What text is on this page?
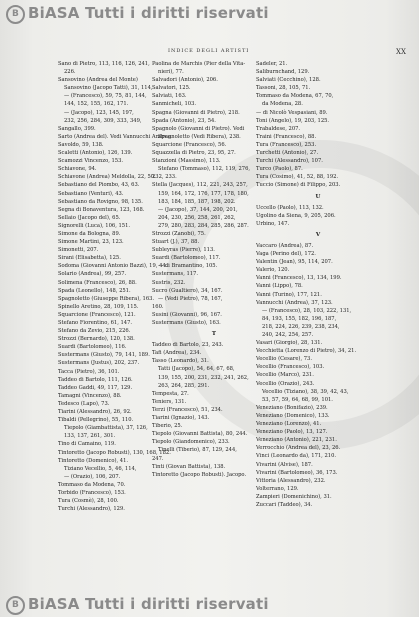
B BiASA Tutti i diritti riservati
INDICE DEGLI ARTISTI	XX
Sano di Pietro, 113, 116, 126, 241,
226.
Sansovino (Andrea del Monte)
Sansovino (Jacopo Tatti), 31, 114,
— (Francesco), 59, 75, 81, 144,
144, 152, 155, 162, 171.
— (Jacopo), 123, 145, 197,
232, 256, 284, 309, 333, 349,
Sangallo, 399.
Sarto (Andrea del). Vedi Vannucchi Andrea.
Savoldo, 59, 138.
Scaletti (Antonio), 126, 139.
Scamozzi Vincenzo, 153.
Schiavone, 94.
Schiavone (Andrea) Meldolla, 22, 50.
Sebastiano del Piombo, 43, 63.
Sebastiano (Venturi), 43.
Sebastiano da Rovigno, 98, 135.
Segna di Bonaventura, 123, 168.
Sellaio (Jacopo del), 65.
Signorelli (Luca), 106, 151.
Simone da Bologna, 89.
Simone Martini, 23, 123.
Simonetti, 207.
Sirani (Elisabetta), 125.
Sodoma (Giovanni Antonio Bazzi), 19, 44.
Solario (Andrea), 99, 257.
Solimena (Francesco), 26, 88.
Spada (Leonello), 148, 251.
Spagnoletto (Giuseppe Ribera), 163.
Spinello Aretino, 28, 109, 115.
Squarcione (Francesco), 121.
Stefano Fiorentino, 61, 147.
Stefano da Zevio, 215, 226.
Strozzi (Bernardo), 120, 138.
Suardi (Bartolomeo), 116.
Sustermans (Giusto), 79, 141, 189.
Sustermans (Justus), 202, 237.
Tacca (Pietro), 36, 101.
Taddeo di Bartolo, 111, 126.
Taddeo Gaddi, 49, 117, 129.
Tamagni (Vincenzo), 88.
Tedesco (Lapo), 73.
Tiarini (Alessandro), 26, 92.
Tibaldi (Pellegrino), 55, 110.
Tiepolo (Giambattista), 37, 126,
133, 137, 261, 301.
Tino di Camaino, 119.
Tintoretto (Jacopo Robusti), 130, 168, 182.
Tintoretto (Domenico), 41.
Tiziano Vecellio, 5, 46, 114,
— (Orazio), 106, 207.
Tommaso da Modena, 70.
Torbido (Francesco), 153.
Tura (Cosmè), 28, 100.
Turchi (Alessandro), 129.
Paolina de Marchis (Pier della Vita-
nieri), 77.
Salvadori (Antonio), 206.
Salvatori, 125.
Salviati, 163.
Sanmicheli, 103.
Spagna (Giovanni di Pietro), 218.
Spada (Antonio), 23, 54.
Spagnolo (Giovanni di Pietro). Vedi
Spagnoletto (Vedi Ribera), 238.
Squarcione (Francesco), 56.
Squazzella di Pietro, 23, 95, 27.
Stanzioni (Massimo), 113.
Stefano (Tommaso), 112, 119, 276,
232, 233.
Stella (Jacques), 112, 221, 243, 257,
159, 164, 172, 176, 177, 178, 180,
183, 184, 185, 187, 198, 202.
— (Jacopo), 37, 144, 200, 201,
204, 230, 256, 258, 261, 262,
279, 280, 283, 284, 285, 286, 287.
Strozzi (Zanobi), 75.
Stuart (J.), 37, 88.
Subleyras (Pierre), 113.
Suardi (Bartolomeo), 117.
— di Bramantino, 105.
Sustermans, 117.
Sustris, 232.
Sucro (Gualtiero), 34, 167.
— (Vedi Pietro), 78, 167,
160.
Susini (Giovanni), 96, 167.
Sustermans (Giusto), 163.
T
Taddeo di Bartolo, 23, 243.
Tafi (Andrea), 234.
Tasso (Leonardo), 31.
Tatti (Jacopo), 54, 64, 67, 68,
139, 155, 200, 231, 232, 241, 262,
263, 264, 285, 291.
Tempesta, 27.
Teniers, 131.
Terzi (Francesco), 51, 234.
Tiarini (Ignazio), 143.
Tiberio, 25.
Tiepolo (Giovanni Battista), 80, 244.
Tiepolo (Giandomenico), 233.
Tinelli (Tiberio), 87, 129, 244,
247.
Tinti (Giovan Battista), 138.
Tintoretto (Jacopo Robusti). Jacopo.
Sadeler, 21.
Saliburnchand, 129.
Salviati (Cecchino), 128.
Tassoni, 28, 105, 71.
Tommaso da Modena, 67, 70,
da Modena, 28.
— di Nicolò Vespasiani, 89.
Toni (Angelo), 19, 203, 125.
Trabaldese, 207.
Traini (Francesco), 88.
Tura (Francesco), 253.
Turchetti (Antonio), 27.
Turchi (Alessandro), 107.
Turco (Paolo), 87.
Tura (Cosimo), 41, 52, 88, 192.
Tuccio (Simone) di Filippo, 203.
U
Uccello (Paolo), 113, 132.
Ugolino da Siena, 9, 205, 206.
Urbino, 147.
V
Vaccaro (Andrea), 87.
Vaga (Perino del), 172.
Valentin (Jean), 95, 114, 207.
Valerio, 120.
Vanni (Francesco), 13, 134, 199.
Vanni (Lippo), 78.
Vanni (Turino), 177, 121.
Vannucchi (Andrea), 37, 123.
— (Francesco), 28, 103, 222, 131,
84, 193, 155, 182, 196, 187,
218, 224, 226, 239, 238, 234,
240, 242, 254, 257.
Vasari (Giorgio), 28, 131.
Vecchietta (Lorenzo di Pietro), 34, 21.
Vecellio (Cesare), 73.
Vecellio (Francesco), 103.
Vecellio (Marco), 231.
Vecellio (Orazio), 243.
Vecellio (Tiziano), 38, 39, 42, 43,
53, 57, 59, 64, 68, 99, 101.
Veneziano (Bonifazio), 239.
Veneziano (Domenico), 133.
Veneziano (Lorenzo), 41.
Veneziano (Paolo), 13, 127.
Veneziano (Antonio), 221, 231.
Verrocchio (Andrea del), 23, 26.
Vinci (Leonardo da), 171, 210.
Vivarini (Alvise), 187.
Vivarini (Bartolomeo), 36, 173.
Vittoria (Alessandro), 232.
Volterrano, 129.
Zampieri (Domenichino), 31.
Zuccari (Taddeo), 34.
B BiASA Tutti i diritti riservati
